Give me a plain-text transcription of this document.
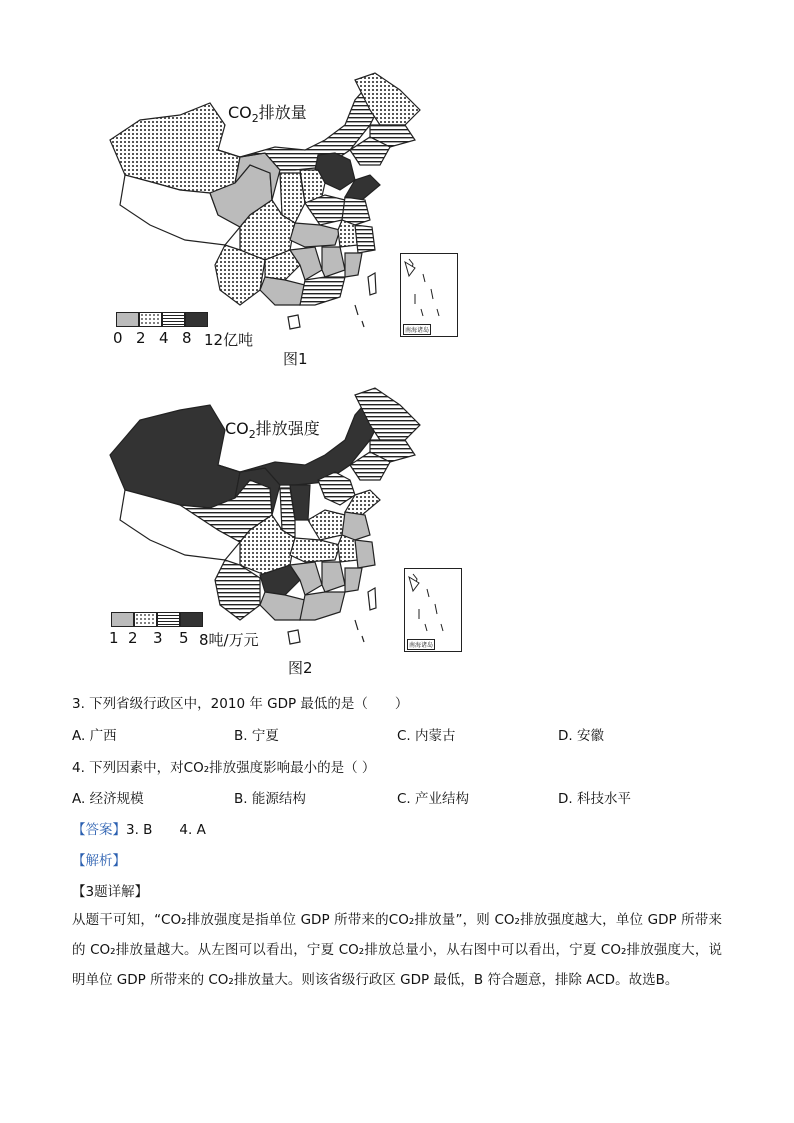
$CO_2$排放量
南海诸岛
0 2 4 8 12亿吨
图1
$CO_2$排放强度
南海诸岛
1 2 3 5 8吨/万元
图2
3. 下列省级行政区中，2010 年 GDP 最低的是（　　）
A. 广西	B. 宁夏	C. 内蒙古	D. 安徽
4. 下列因素中，对CO₂排放强度影响最小的是（ ）
A. 经济规模	B. 能源结构	C. 产业结构	D. 科技水平
【答案】3. B　　4. A
【解析】
【3题详解】
从题干可知，“CO₂排放强度是指单位 GDP 所带来的CO₂排放量”，则 CO₂排放强度越大，单位 GDP 所带来的 CO₂排放量越大。从左图可以看出，宁夏 CO₂排放总量小，从右图中可以看出，宁夏 CO₂排放强度大，说明单位 GDP 所带来的 CO₂排放量大。则该省级行政区 GDP 最低，B 符合题意，排除 ACD。故选B。
